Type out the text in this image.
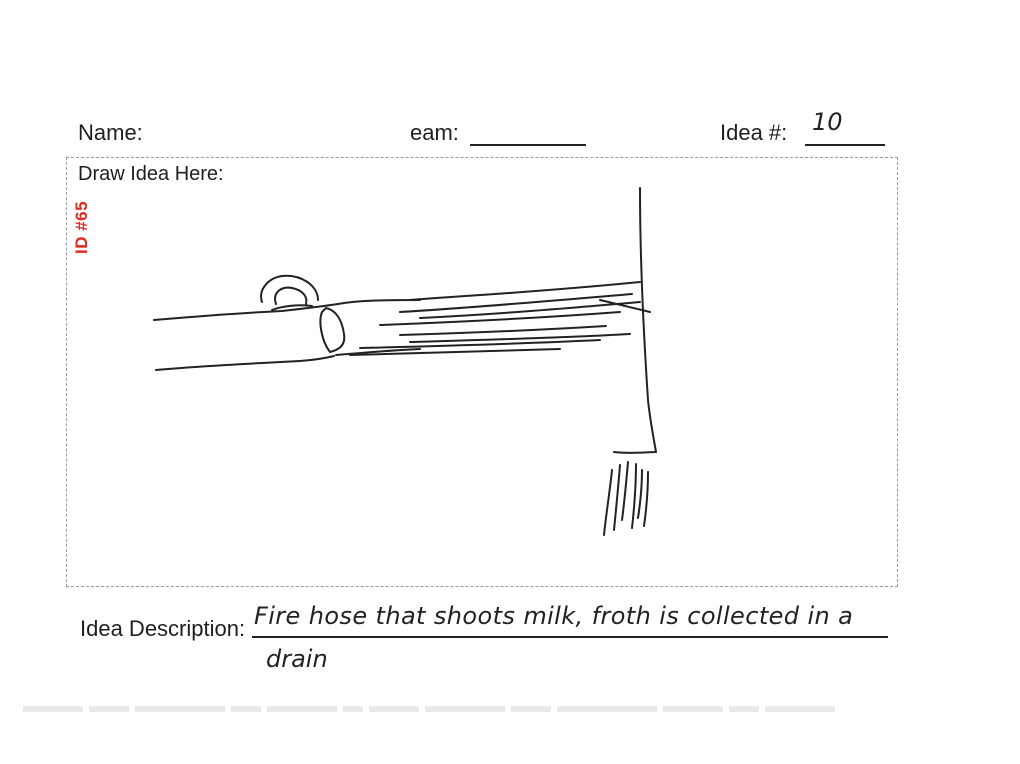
Name:	eam:	Idea #: 10
Draw Idea Here:
ID #65
Idea Description: Fire hose that shoots milk, froth is collected in a
drain
